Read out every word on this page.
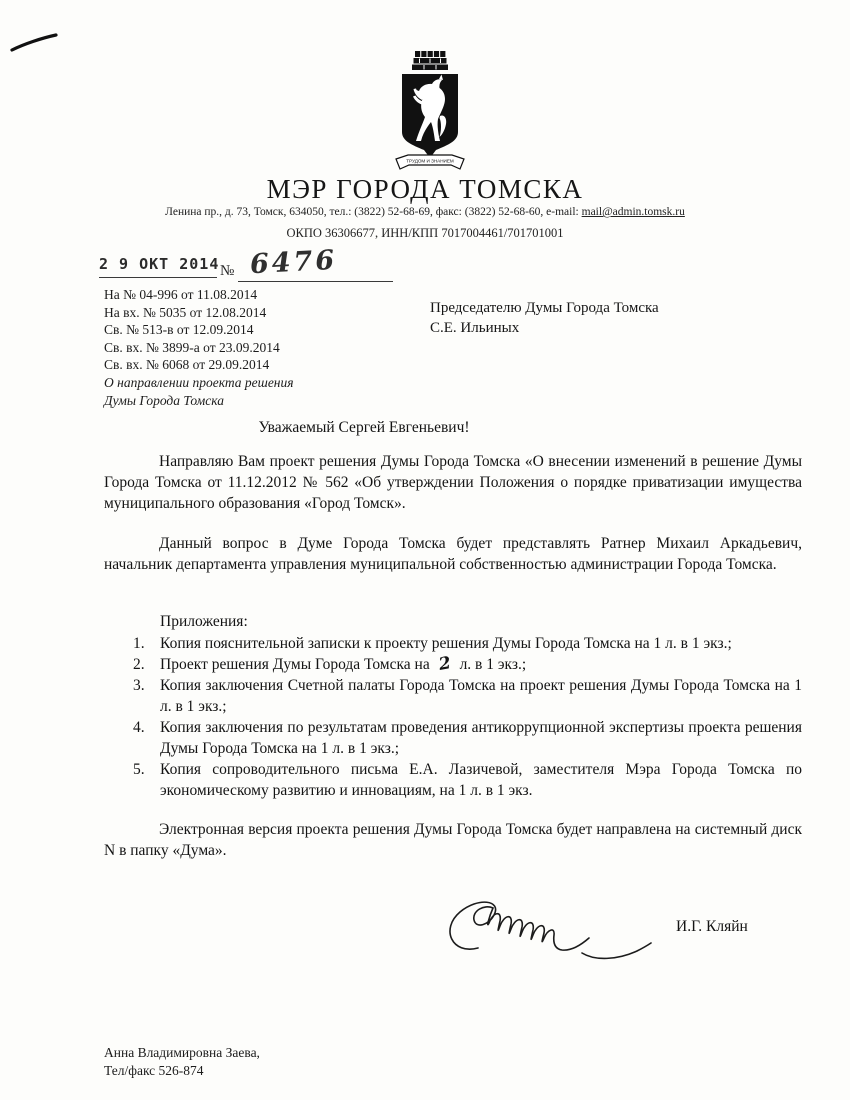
ТРУДОМ И ЗНАНИЕМ
МЭР ГОРОДА ТОМСКА
Ленина пр., д. 73, Томск, 634050, тел.: (3822) 52-68-69, факс: (3822) 52-68-60, e-mail: mail@admin.tomsk.ru
ОКПО 36306677, ИНН/КПП 7017004461/701701001
2 9 ОКТ 2014 № 6476
На № 04-996 от 11.08.2014
На вх. № 5035 от 12.08.2014
Св. № 513-в от 12.09.2014
Св. вх. № 3899-а от 23.09.2014
Св. вх. № 6068 от 29.09.2014
О направлении проекта решения
Думы Города Томска
Председателю Думы Города Томска
С.Е. Ильиных
Уважаемый Сергей Евгеньевич!
Направляю Вам проект решения Думы Города Томска «О внесении изменений в решение Думы Города Томска от 11.12.2012 № 562 «Об утверждении Положения о порядке приватизации имущества муниципального образования «Город Томск».
Данный вопрос в Думе Города Томска будет представлять Ратнер Михаил Аркадьевич, начальник департамента управления муниципальной собственностью администрации Города Томска.
Приложения:
1. Копия пояснительной записки к проекту решения Думы Города Томска на 1 л. в 1 экз.;
2. Проект решения Думы Города Томска на 2 л. в 1 экз.;
3. Копия заключения Счетной палаты Города Томска на проект решения Думы Города Томска на 1 л. в 1 экз.;
4. Копия заключения по результатам проведения антикоррупционной экспертизы проекта решения Думы Города Томска на 1 л. в 1 экз.;
5. Копия сопроводительного письма Е.А. Лазичевой, заместителя Мэра Города Томска по экономическому развитию и инновациям, на 1 л. в 1 экз.
Электронная версия проекта решения Думы Города Томска будет направлена на системный диск N в папку «Дума».
И.Г. Кляйн
Анна Владимировна Заева,
Тел/факс 526-874
